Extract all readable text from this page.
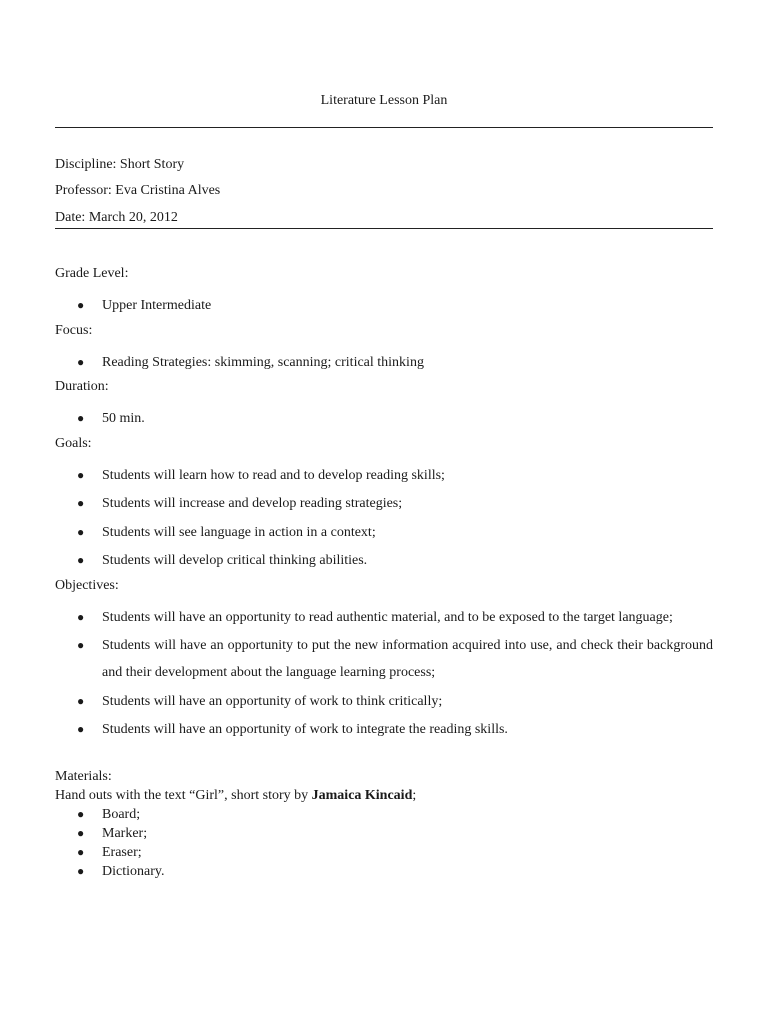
Literature Lesson Plan
Discipline: Short Story
Professor: Eva Cristina Alves
Date: March 20, 2012
Grade Level:
● Upper Intermediate
Focus:
● Reading Strategies: skimming, scanning; critical thinking
Duration:
● 50 min.
Goals:
● Students will learn how to read and to develop reading skills;
● Students will increase and develop reading strategies;
● Students will see language in action in a context;
● Students will develop critical thinking abilities.
Objectives:
● Students will have an opportunity to read authentic material, and to be exposed to the target language;
● Students will have an opportunity to put the new information acquired into use, and check their background and their development about the language learning process;
● Students will have an opportunity of work to think critically;
● Students will have an opportunity of work to integrate the reading skills.
Materials:
Hand outs with the text “Girl”, short story by Jamaica Kincaid;
● Board;
● Marker;
● Eraser;
● Dictionary.
